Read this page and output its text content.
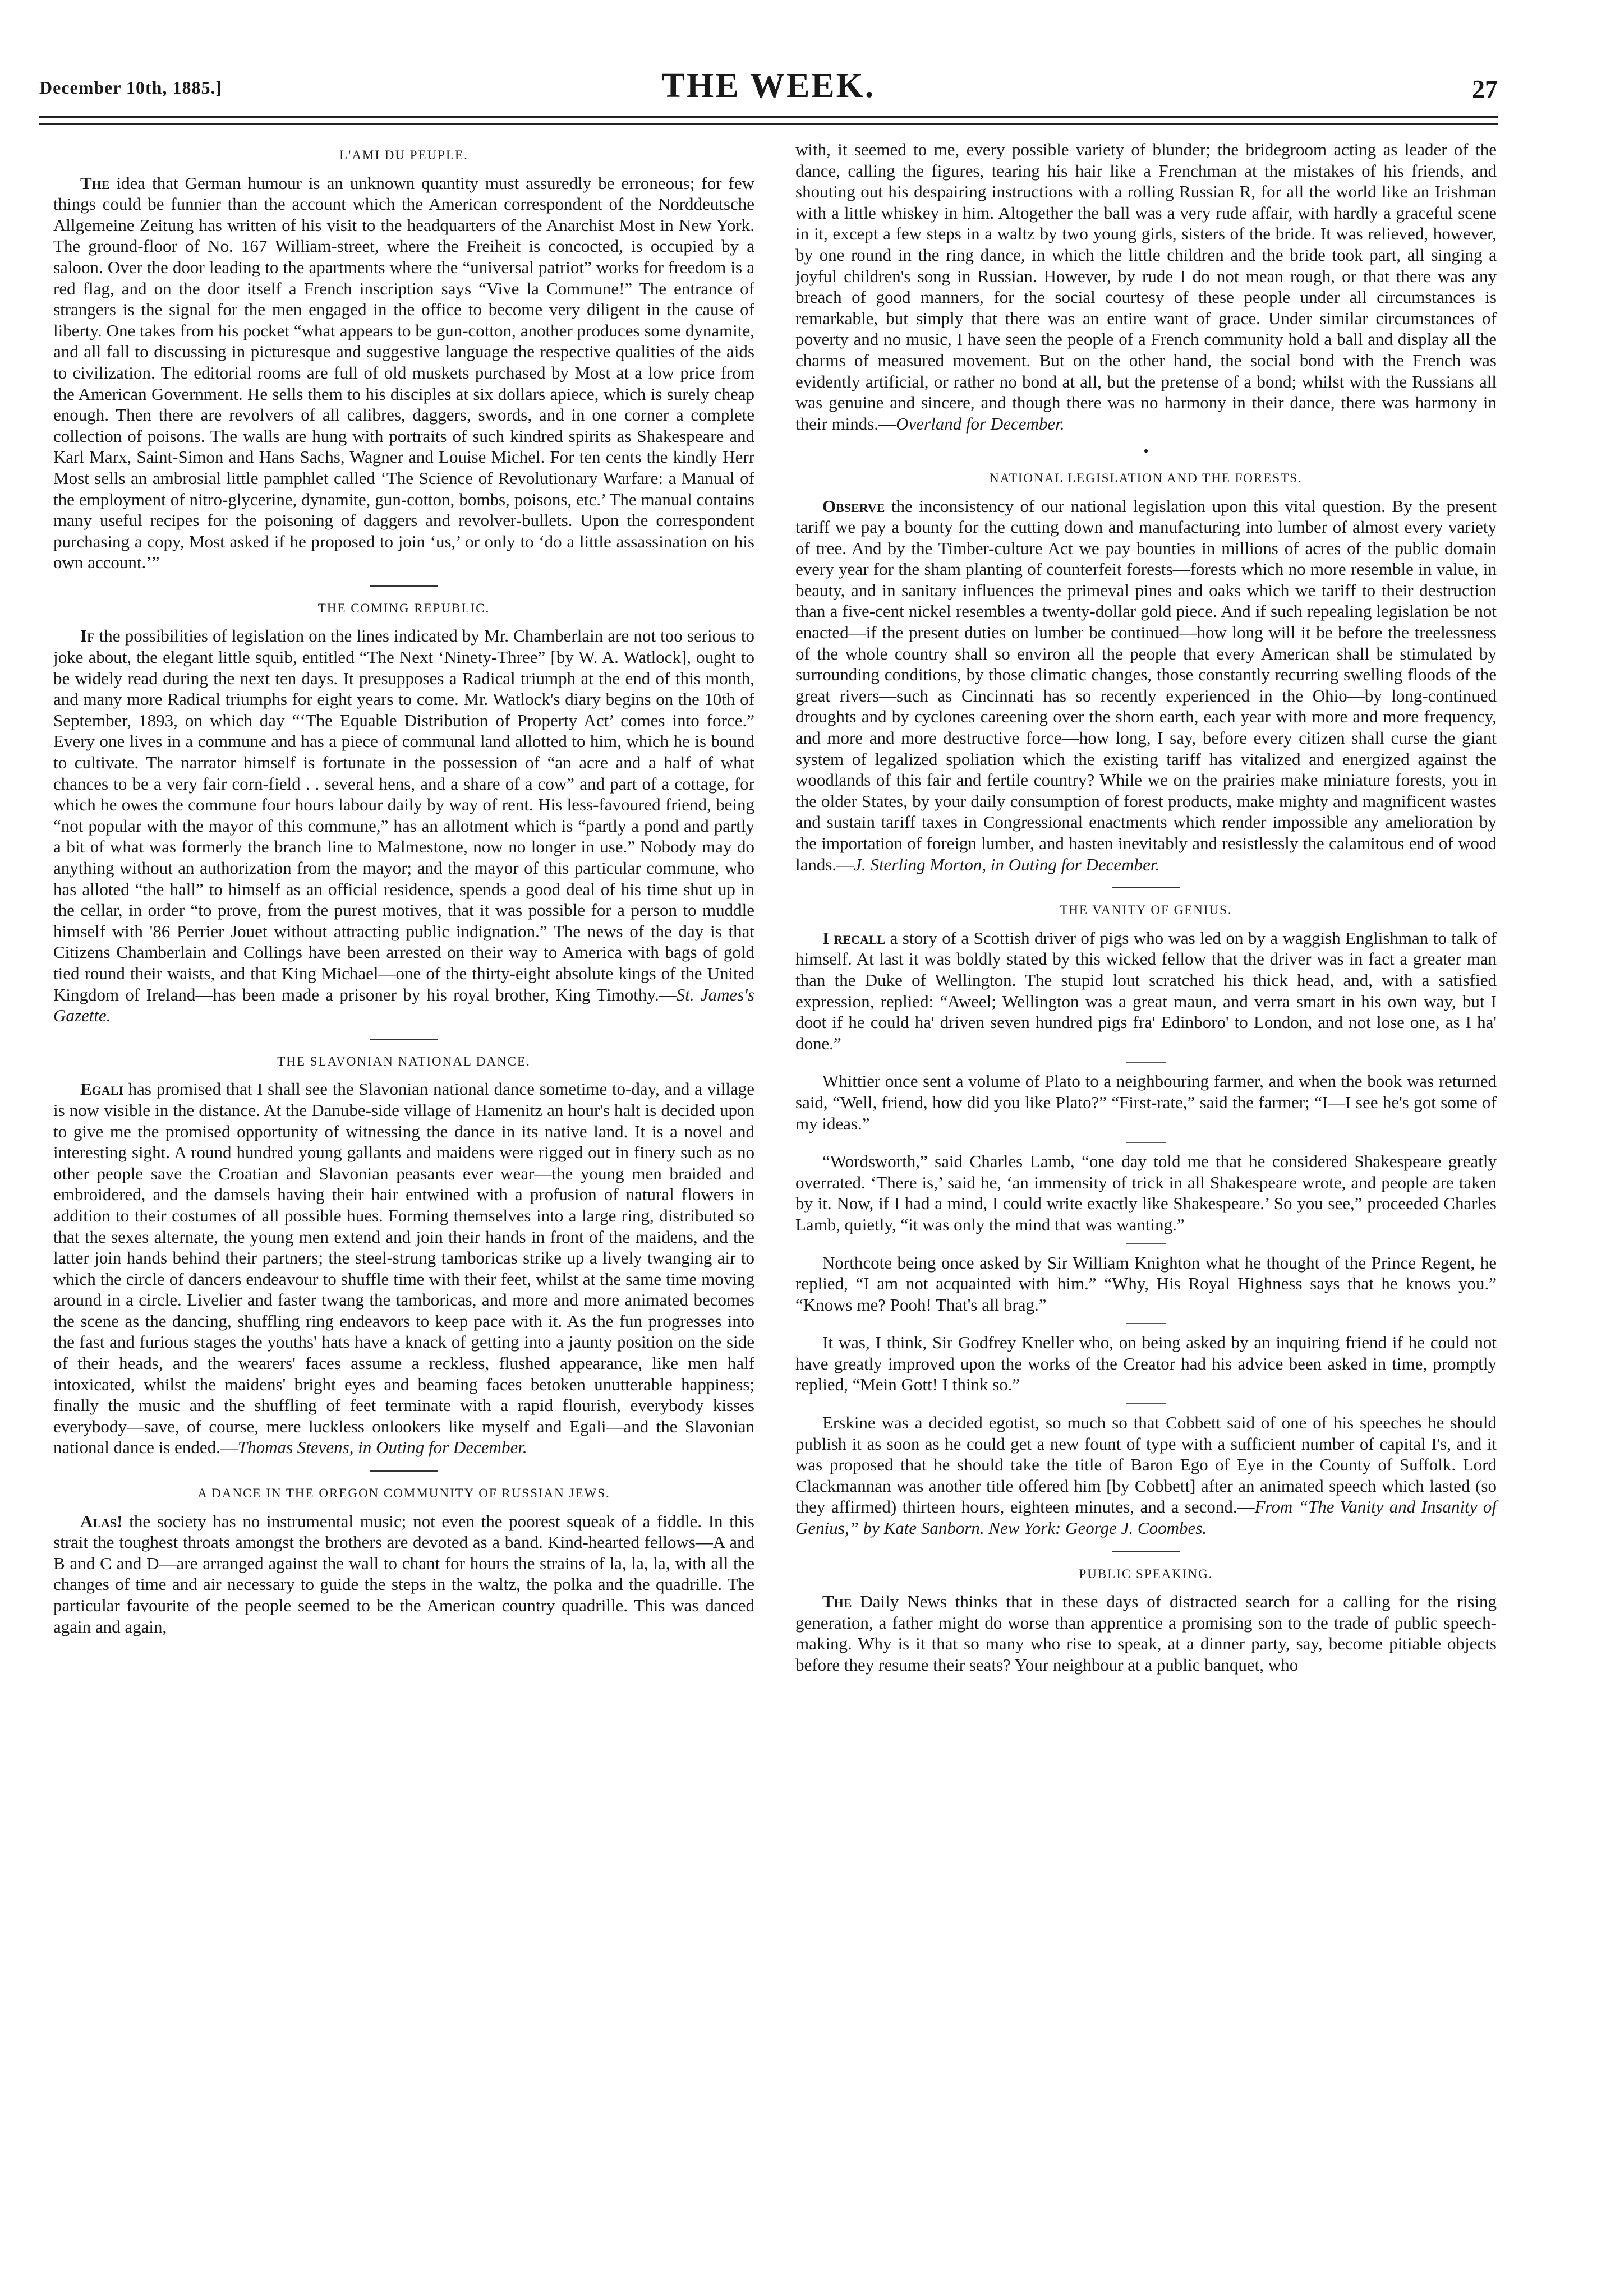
December 10th, 1885.]	THE WEEK.	27
L'AMI DU PEUPLE.

The idea that German humour is an unknown quantity must assuredly be erroneous; for few things could be funnier than the account which the American correspondent of the Norddeutsche Allgemeine Zeitung has written of his visit to the headquarters of the Anarchist Most in New York. The ground-floor of No. 167 William-street, where the Freiheit is concocted, is occupied by a saloon. Over the door leading to the apartments where the “universal patriot” works for freedom is a red flag, and on the door itself a French inscription says “Vive la Commune!” The entrance of strangers is the signal for the men engaged in the office to become very diligent in the cause of liberty. One takes from his pocket “what appears to be gun-cotton, another produces some dynamite, and all fall to discussing in picturesque and suggestive language the respective qualities of the aids to civilization. The editorial rooms are full of old muskets purchased by Most at a low price from the American Government. He sells them to his disciples at six dollars apiece, which is surely cheap enough. Then there are revolvers of all calibres, daggers, swords, and in one corner a complete collection of poisons. The walls are hung with portraits of such kindred spirits as Shakespeare and Karl Marx, Saint-Simon and Hans Sachs, Wagner and Louise Michel. For ten cents the kindly Herr Most sells an ambrosial little pamphlet called ‘The Science of Revolutionary Warfare: a Manual of the employment of nitro-glycerine, dynamite, gun-cotton, bombs, poisons, etc.’ The manual contains many useful recipes for the poisoning of daggers and revolver-bullets. Upon the correspondent purchasing a copy, Most asked if he proposed to join ‘us,’ or only to ‘do a little assassination on his own account.’”

THE COMING REPUBLIC.

If the possibilities of legislation on the lines indicated by Mr. Chamberlain are not too serious to joke about, the elegant little squib, entitled “The Next ‘Ninety-Three” [by W. A. Watlock], ought to be widely read during the next ten days. It presupposes a Radical triumph at the end of this month, and many more Radical triumphs for eight years to come. Mr. Watlock's diary begins on the 10th of September, 1893, on which day “‘The Equable Distribution of Property Act’ comes into force.” Every one lives in a commune and has a piece of communal land allotted to him, which he is bound to cultivate. The narrator himself is fortunate in the possession of “an acre and a half of what chances to be a very fair corn-field . . several hens, and a share of a cow” and part of a cottage, for which he owes the commune four hours labour daily by way of rent. His less-favoured friend, being “not popular with the mayor of this commune,” has an allotment which is “partly a pond and partly a bit of what was formerly the branch line to Malmestone, now no longer in use.” Nobody may do anything without an authorization from the mayor; and the mayor of this particular commune, who has alloted “the hall” to himself as an official residence, spends a good deal of his time shut up in the cellar, in order “to prove, from the purest motives, that it was possible for a person to muddle himself with '86 Perrier Jouet without attracting public indignation.” The news of the day is that Citizens Chamberlain and Collings have been arrested on their way to America with bags of gold tied round their waists, and that King Michael—one of the thirty-eight absolute kings of the United Kingdom of Ireland—has been made a prisoner by his royal brother, King Timothy.—St. James's Gazette.

THE SLAVONIAN NATIONAL DANCE.

Egali has promised that I shall see the Slavonian national dance sometime to-day, and a village is now visible in the distance. At the Danube-side village of Hamenitz an hour's halt is decided upon to give me the promised opportunity of witnessing the dance in its native land. It is a novel and interesting sight. A round hundred young gallants and maidens were rigged out in finery such as no other people save the Croatian and Slavonian peasants ever wear—the young men braided and embroidered, and the damsels having their hair entwined with a profusion of natural flowers in addition to their costumes of all possible hues. Forming themselves into a large ring, distributed so that the sexes alternate, the young men extend and join their hands in front of the maidens, and the latter join hands behind their partners; the steel-strung tamboricas strike up a lively twanging air to which the circle of dancers endeavour to shuffle time with their feet, whilst at the same time moving around in a circle. Livelier and faster twang the tamboricas, and more and more animated becomes the scene as the dancing, shuffling ring endeavors to keep pace with it. As the fun progresses into the fast and furious stages the youths' hats have a knack of getting into a jaunty position on the side of their heads, and the wearers' faces assume a reckless, flushed appearance, like men half intoxicated, whilst the maidens' bright eyes and beaming faces betoken unutterable happiness; finally the music and the shuffling of feet terminate with a rapid flourish, everybody kisses everybody—save, of course, mere luckless onlookers like myself and Egali—and the Slavonian national dance is ended.—Thomas Stevens, in Outing for December.

A DANCE IN THE OREGON COMMUNITY OF RUSSIAN JEWS.

Alas! the society has no instrumental music; not even the poorest squeak of a fiddle. In this strait the toughest throats amongst the brothers are devoted as a band. Kind-hearted fellows—A and B and C and D—are arranged against the wall to chant for hours the strains of la, la, la, with all the changes of time and air necessary to guide the steps in the waltz, the polka and the quadrille. The particular favourite of the people seemed to be the American country quadrille. This was danced again and again,

with, it seemed to me, every possible variety of blunder; the bridegroom acting as leader of the dance, calling the figures, tearing his hair like a Frenchman at the mistakes of his friends, and shouting out his despairing instructions with a rolling Russian R, for all the world like an Irishman with a little whiskey in him. Altogether the ball was a very rude affair, with hardly a graceful scene in it, except a few steps in a waltz by two young girls, sisters of the bride. It was relieved, however, by one round in the ring dance, in which the little children and the bride took part, all singing a joyful children's song in Russian. However, by rude I do not mean rough, or that there was any breach of good manners, for the social courtesy of these people under all circumstances is remarkable, but simply that there was an entire want of grace. Under similar circumstances of poverty and no music, I have seen the people of a French community hold a ball and display all the charms of measured movement. But on the other hand, the social bond with the French was evidently artificial, or rather no bond at all, but the pretense of a bond; whilst with the Russians all was genuine and sincere, and though there was no harmony in their dance, there was harmony in their minds.—Overland for December.

•
NATIONAL LEGISLATION AND THE FORESTS.

Observe the inconsistency of our national legislation upon this vital question. By the present tariff we pay a bounty for the cutting down and manufacturing into lumber of almost every variety of tree. And by the Timber-culture Act we pay bounties in millions of acres of the public domain every year for the sham planting of counterfeit forests—forests which no more resemble in value, in beauty, and in sanitary influences the primeval pines and oaks which we tariff to their destruction than a five-cent nickel resembles a twenty-dollar gold piece. And if such repealing legislation be not enacted—if the present duties on lumber be continued—how long will it be before the treelessness of the whole country shall so environ all the people that every American shall be stimulated by surrounding conditions, by those climatic changes, those constantly recurring swelling floods of the great rivers—such as Cincinnati has so recently experienced in the Ohio—by long-continued droughts and by cyclones careening over the shorn earth, each year with more and more frequency, and more and more destructive force—how long, I say, before every citizen shall curse the giant system of legalized spoliation which the existing tariff has vitalized and energized against the woodlands of this fair and fertile country? While we on the prairies make miniature forests, you in the older States, by your daily consumption of forest products, make mighty and magnificent wastes and sustain tariff taxes in Congressional enactments which render impossible any amelioration by the importation of foreign lumber, and hasten inevitably and resistlessly the calamitous end of wood lands.—J. Sterling Morton, in Outing for December.

THE VANITY OF GENIUS.

I recall a story of a Scottish driver of pigs who was led on by a waggish Englishman to talk of himself. At last it was boldly stated by this wicked fellow that the driver was in fact a greater man than the Duke of Wellington. The stupid lout scratched his thick head, and, with a satisfied expression, replied: “Aweel; Wellington was a great maun, and verra smart in his own way, but I doot if he could ha' driven seven hundred pigs fra' Edinboro' to London, and not lose one, as I ha' done.”

Whittier once sent a volume of Plato to a neighbouring farmer, and when the book was returned said, “Well, friend, how did you like Plato?” “First-rate,” said the farmer; “I—I see he's got some of my ideas.”

“Wordsworth,” said Charles Lamb, “one day told me that he considered Shakespeare greatly overrated. ‘There is,’ said he, ‘an immensity of trick in all Shakespeare wrote, and people are taken by it. Now, if I had a mind, I could write exactly like Shakespeare.’ So you see,” proceeded Charles Lamb, quietly, “it was only the mind that was wanting.”

Northcote being once asked by Sir William Knighton what he thought of the Prince Regent, he replied, “I am not acquainted with him.” “Why, His Royal Highness says that he knows you.” “Knows me? Pooh! That's all brag.”

It was, I think, Sir Godfrey Kneller who, on being asked by an inquiring friend if he could not have greatly improved upon the works of the Creator had his advice been asked in time, promptly replied, “Mein Gott! I think so.”

Erskine was a decided egotist, so much so that Cobbett said of one of his speeches he should publish it as soon as he could get a new fount of type with a sufficient number of capital I's, and it was proposed that he should take the title of Baron Ego of Eye in the County of Suffolk. Lord Clackmannan was another title offered him [by Cobbett] after an animated speech which lasted (so they affirmed) thirteen hours, eighteen minutes, and a second.—From “The Vanity and Insanity of Genius,” by Kate Sanborn. New York: George J. Coombes.

PUBLIC SPEAKING.

The Daily News thinks that in these days of distracted search for a calling for the rising generation, a father might do worse than apprentice a promising son to the trade of public speech-making. Why is it that so many who rise to speak, at a dinner party, say, become pitiable objects before they resume their seats? Your neighbour at a public banquet, who
